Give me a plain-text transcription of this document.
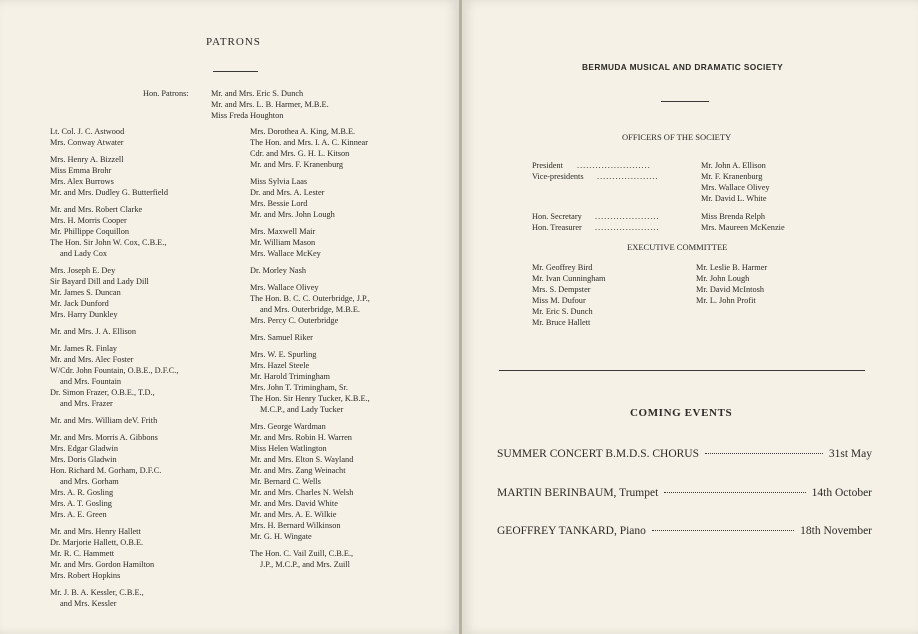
PATRONS
Hon. Patrons:	Mr. and Mrs. Eric S. Dunch
Mr. and Mrs. L. B. Harmer, M.B.E.
Miss Freda Houghton
Lt. Col. J. C. Astwood
Mrs. Conway Atwater
Mrs. Henry A. Bizzell
Miss Emma Brohr
Mrs. Alex Burrows
Mr. and Mrs. Dudley G. Butterfield
Mr. and Mrs. Robert Clarke
Mrs. H. Morris Cooper
Mr. Phillippe Coquillon
The Hon. Sir John W. Cox, C.B.E.,
and Lady Cox
Mrs. Joseph E. Dey
Sir Bayard Dill and Lady Dill
Mr. James S. Duncan
Mr. Jack Dunford
Mrs. Harry Dunkley
Mr. and Mrs. J. A. Ellison
Mr. James R. Finlay
Mr. and Mrs. Alec Foster
W/Cdr. John Fountain, O.B.E., D.F.C.,
and Mrs. Fountain
Dr. Simon Frazer, O.B.E., T.D.,
and Mrs. Frazer
Mr. and Mrs. William deV. Frith
Mr. and Mrs. Morris A. Gibbons
Mrs. Edgar Gladwin
Mrs. Doris Gladwin
Hon. Richard M. Gorham, D.F.C.
and Mrs. Gorham
Mrs. A. R. Gosling
Mrs. A. T. Gosling
Mrs. A. E. Green
Mr. and Mrs. Henry Hallett
Dr. Marjorie Hallett, O.B.E.
Mr. R. C. Hammett
Mr. and Mrs. Gordon Hamilton
Mrs. Robert Hopkins
Mr. J. B. A. Kessler, C.B.E.,
and Mrs. Kessler
Mrs. Dorothea A. King, M.B.E.
The Hon. and Mrs. I. A. C. Kinnear
Cdr. and Mrs. G. H. L. Kitson
Mr. and Mrs. F. Kranenburg
Miss Sylvia Laas
Dr. and Mrs. A. Lester
Mrs. Bessie Lord
Mr. and Mrs. John Lough
Mrs. Maxwell Mair
Mr. William Mason
Mrs. Wallace McKey
Dr. Morley Nash
Mrs. Wallace Olivey
The Hon. B. C. C. Outerbridge, J.P.,
and Mrs. Outerbridge, M.B.E.
Mrs. Percy C. Outerbridge
Mrs. Samuel Riker
Mrs. W. E. Spurling
Mrs. Hazel Steele
Mr. Harold Trimingham
Mrs. John T. Trimingham, Sr.
The Hon. Sir Henry Tucker, K.B.E.,
M.C.P., and Lady Tucker
Mrs. George Wardman
Mr. and Mrs. Robin H. Warren
Miss Helen Watlington
Mr. and Mrs. Elton S. Wayland
Mr. and Mrs. Zang Weinacht
Mr. Bernard C. Wells
Mr. and Mrs. Charles N. Welsh
Mr. and Mrs. David White
Mr. and Mrs. A. E. Wilkie
Mrs. H. Bernard Wilkinson
Mr. G. H. Wingate
The Hon. C. Vail Zuill, C.B.E.,
J.P., M.C.P., and Mrs. Zuill
BERMUDA MUSICAL AND DRAMATIC SOCIETY
OFFICERS OF THE SOCIETY
President ........................	Mr. John A. Ellison
Vice-presidents ....................	Mr. F. Kranenburg
Mrs. Wallace Olivey
Mr. David L. White
Hon. Secretary .....................	Miss Brenda Relph
Hon. Treasurer .....................	Mrs. Maureen McKenzie
EXECUTIVE COMMITTEE
Mr. Geoffrey Bird
Mr. Ivan Cunningham
Mrs. S. Dempster
Miss M. Dufour
Mr. Eric S. Dunch
Mr. Bruce Hallett
Mr. Leslie B. Harmer
Mr. John Lough
Mr. David McIntosh
Mr. L. John Profit
COMING EVENTS
SUMMER CONCERT B.M.D.S. CHORUS	31st May
MARTIN BERINBAUM, Trumpet	14th October
GEOFFREY TANKARD, Piano	18th November
